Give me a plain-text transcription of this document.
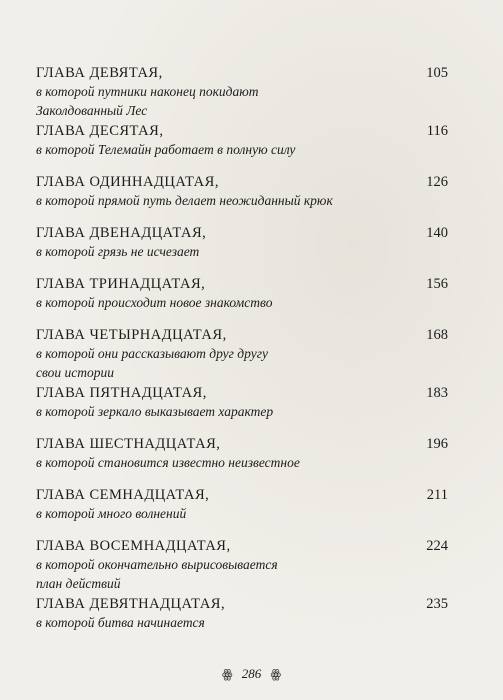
ГЛАВА ДЕВЯТАЯ,	105

в которой путники наконец покидают

Заколдованный Лес

ГЛАВА ДЕСЯТАЯ,	116

в которой Телемайн работает в полную силу

ГЛАВА ОДИННАДЦАТАЯ,	126

в которой прямой путь делает неожиданный крюк

ГЛАВА ДВЕНАДЦАТАЯ,	140

в которой грязь не исчезает

ГЛАВА ТРИНАДЦАТАЯ,	156

в которой происходит новое знакомство

ГЛАВА ЧЕТЫРНАДЦАТАЯ,	168

в которой они рассказывают друг другу

свои истории

ГЛАВА ПЯТНАДЦАТАЯ,	183

в которой зеркало выказывает характер

ГЛАВА ШЕСТНАДЦАТАЯ,	196

в которой становится известно неизвестное

ГЛАВА СЕМНАДЦАТАЯ,	211

в которой много волнений

ГЛАВА ВОСЕМНАДЦАТАЯ,	224

в которой окончательно вырисовывается

план действий

ГЛАВА ДЕВЯТНАДЦАТАЯ,	235

в которой битва начинается

ꙮ 286 ꙮ
